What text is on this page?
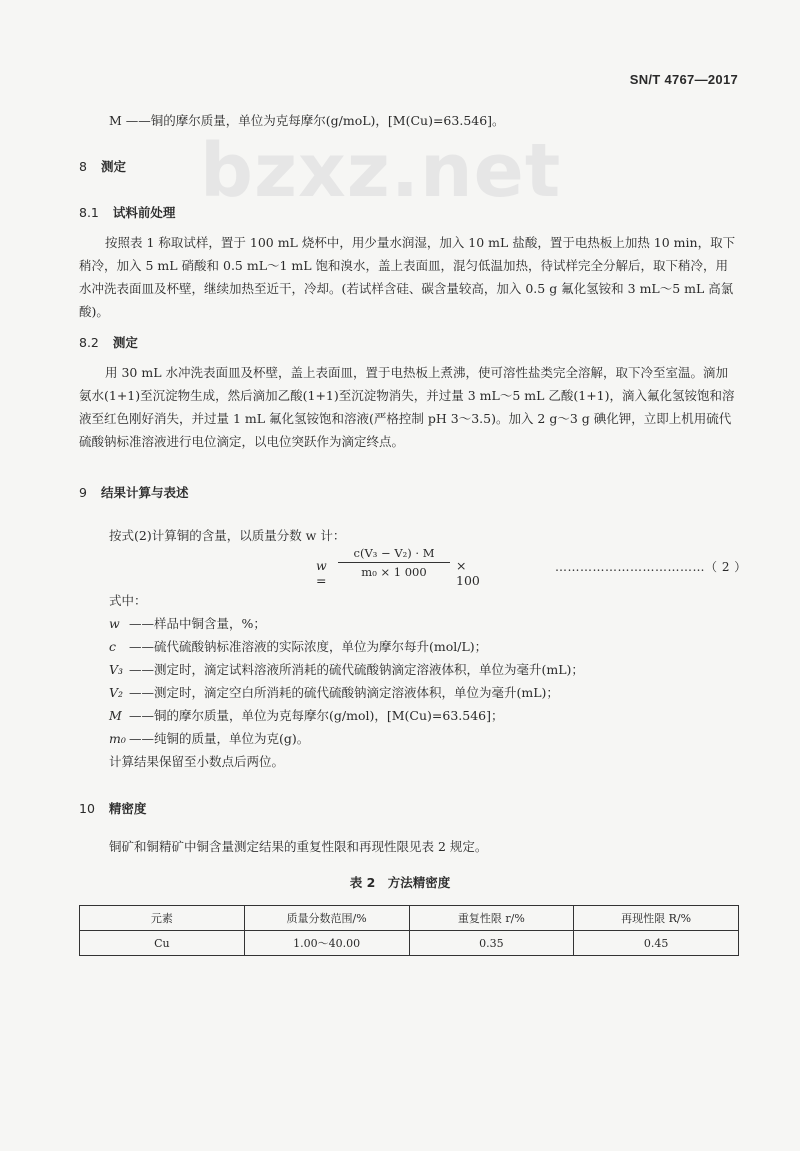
SN/T 4767—2017
bzxz.net
M ——铜的摩尔质量，单位为克每摩尔(g/moL)，[M(Cu)=63.546]。
8 测定
8.1 试料前处理
按照表 1 称取试样，置于 100 mL 烧杯中，用少量水润湿，加入 10 mL 盐酸，置于电热板上加热 10 min，取下稍冷，加入 5 mL 硝酸和 0.5 mL～1 mL 饱和溴水，盖上表面皿，混匀低温加热，待试样完全分解后，取下稍冷，用水冲洗表面皿及杯壁，继续加热至近干，冷却。(若试样含硅、碳含量较高，加入 0.5 g 氟化氢铵和 3 mL～5 mL 高氯酸)。
8.2 测定
用 30 mL 水冲洗表面皿及杯壁，盖上表面皿，置于电热板上煮沸，使可溶性盐类完全溶解，取下冷至室温。滴加氨水(1+1)至沉淀物生成，然后滴加乙酸(1+1)至沉淀物消失，并过量 3 mL～5 mL 乙酸(1+1)，滴入氟化氢铵饱和溶液至红色刚好消失，并过量 1 mL 氟化氢铵饱和溶液(严格控制 pH 3～3.5)。加入 2 g～3 g 碘化钾，立即上机用硫代硫酸钠标准溶液进行电位滴定，以电位突跃作为滴定终点。
9 结果计算与表述
按式(2)计算铜的含量，以质量分数 w 计：
w =
$\frac{\text{c(V₃ − V₂) · M}}{\text{m₀ × 1 000}} \times 100$
………………………………（ 2 ）
式中：
w ——样品中铜含量，%；
c ——硫代硫酸钠标准溶液的实际浓度，单位为摩尔每升(mol/L)；
V₃ ——测定时，滴定试料溶液所消耗的硫代硫酸钠滴定溶液体积，单位为毫升(mL)；
V₂ ——测定时，滴定空白所消耗的硫代硫酸钠滴定溶液体积，单位为毫升(mL)；
M ——铜的摩尔质量，单位为克每摩尔(g/mol)，[M(Cu)=63.546]；
m₀ ——纯铜的质量，单位为克(g)。
计算结果保留至小数点后两位。
10 精密度
铜矿和铜精矿中铜含量测定结果的重复性限和再现性限见表 2 规定。
表 2　方法精密度
元素	质量分数范围/%	重复性限 r/%	再现性限 R/%
Cu	1.00～40.00	0.35	0.45
